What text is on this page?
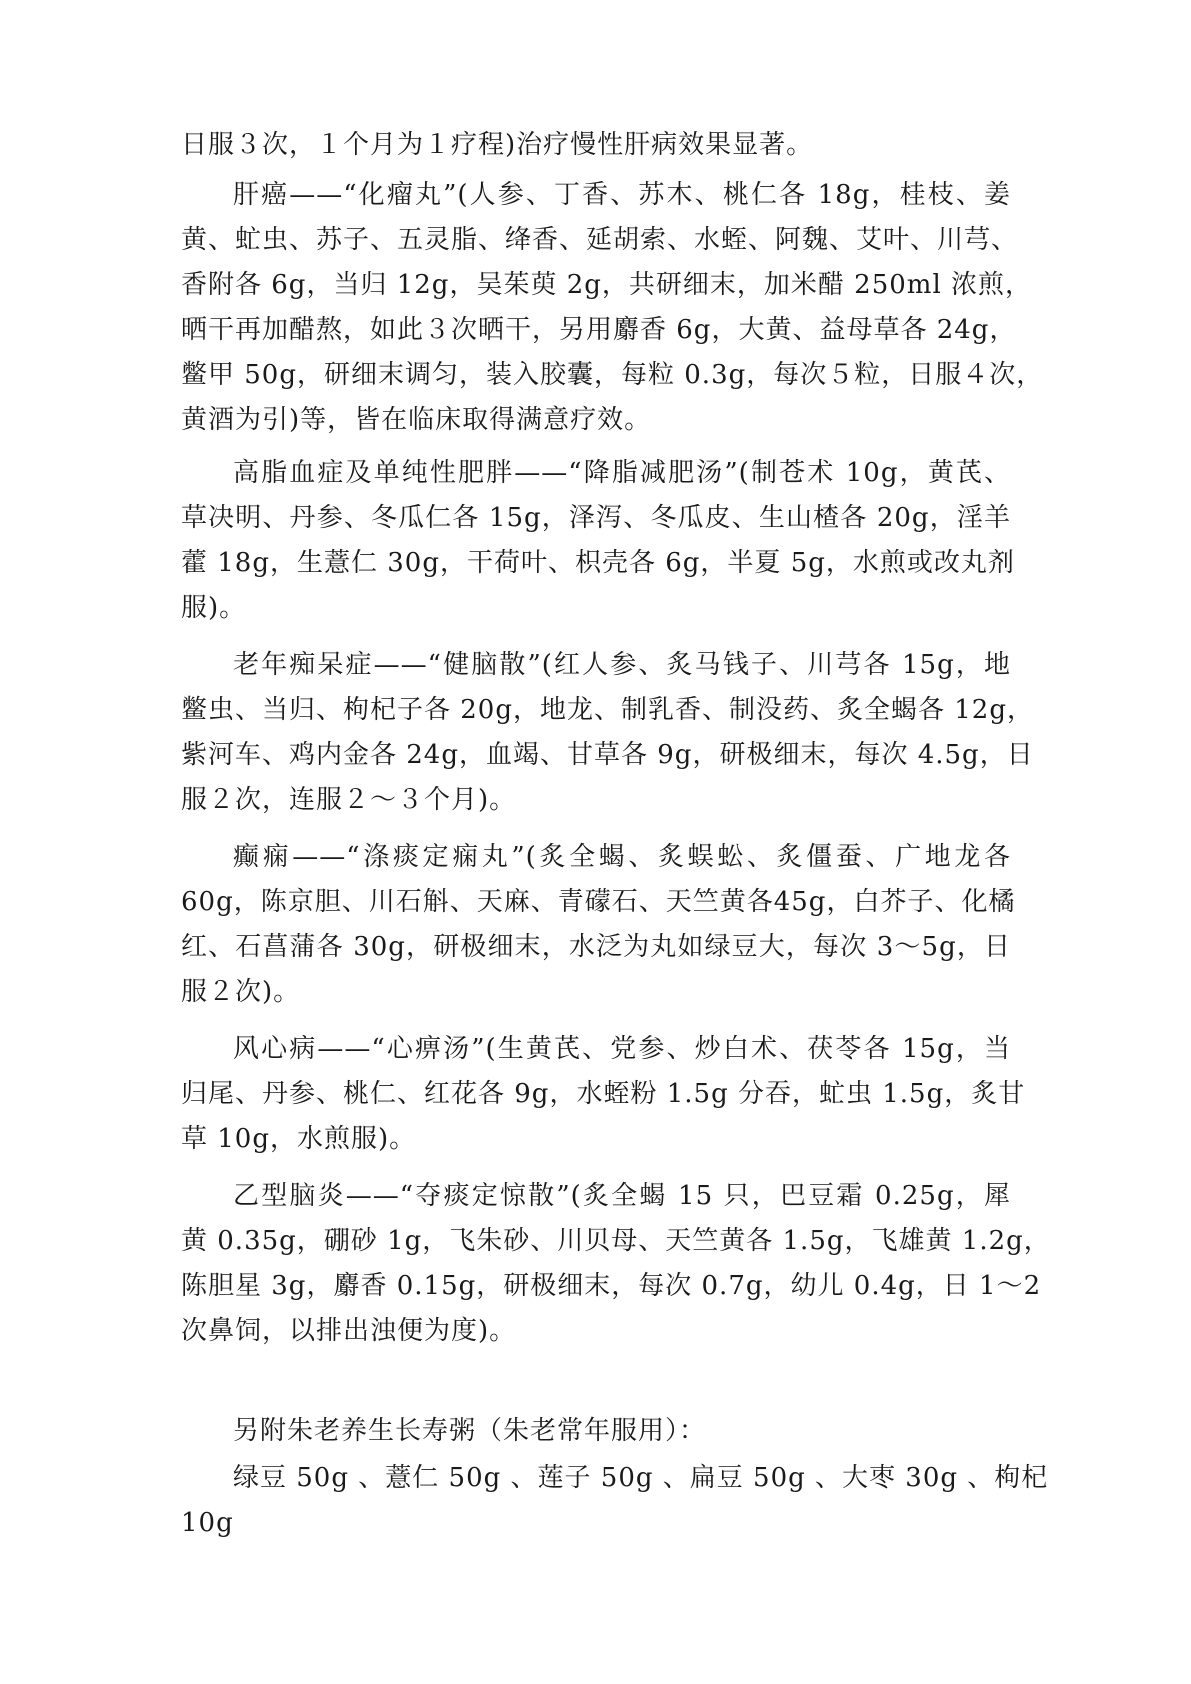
日服３次，１个月为１疗程)治疗慢性肝病效果显著。
肝癌——“化瘤丸”(人参、丁香、苏木、桃仁各 18g，桂枝、姜
黄、虻虫、苏子、五灵脂、绛香、延胡索、水蛭、阿魏、艾叶、川芎、
香附各 6g，当归 12g，吴茱萸 2g，共研细末，加米醋 250ml 浓煎，
晒干再加醋熬，如此３次晒干，另用麝香 6g，大黄、益母草各 24g，
鳖甲 50g，研细末调匀，装入胶囊，每粒 0.3g，每次５粒，日服４次，
黄酒为引)等，皆在临床取得满意疗效。
高脂血症及单纯性肥胖——“降脂减肥汤”(制苍术 10g，黄芪、
草决明、丹参、冬瓜仁各 15g，泽泻、冬瓜皮、生山楂各 20g，淫羊
藿 18g，生薏仁 30g，干荷叶、枳壳各 6g，半夏 5g，水煎或改丸剂
服)。
老年痴呆症——“健脑散”(红人参、炙马钱子、川芎各 15g，地
鳖虫、当归、枸杞子各 20g，地龙、制乳香、制没药、炙全蝎各 12g，
紫河车、鸡内金各 24g，血竭、甘草各 9g，研极细末，每次 4.5g，日
服２次，连服２～３个月)。
癫痫——“涤痰定痫丸”(炙全蝎、炙蜈蚣、炙僵蚕、广地龙各
60g，陈京胆、川石斛、天麻、青礞石、天竺黄各45g，白芥子、化橘
红、石菖蒲各 30g，研极细末，水泛为丸如绿豆大，每次 3～5g，日
服２次)。
风心病——“心痹汤”(生黄芪、党参、炒白术、茯苓各 15g，当
归尾、丹参、桃仁、红花各 9g，水蛭粉 1.5g 分吞，虻虫 1.5g，炙甘
草 10g，水煎服)。
乙型脑炎——“夺痰定惊散”(炙全蝎 15 只，巴豆霜 0.25g，犀
黄 0.35g，硼砂 1g，飞朱砂、川贝母、天竺黄各 1.5g，飞雄黄 1.2g，
陈胆星 3g，麝香 0.15g，研极细末，每次 0.7g，幼儿 0.4g，日 1～2
次鼻饲，以排出浊便为度)。
另附朱老养生长寿粥（朱老常年服用）：
绿豆 50g 、薏仁 50g 、莲子 50g 、扁豆 50g 、大枣 30g 、枸杞
10g
